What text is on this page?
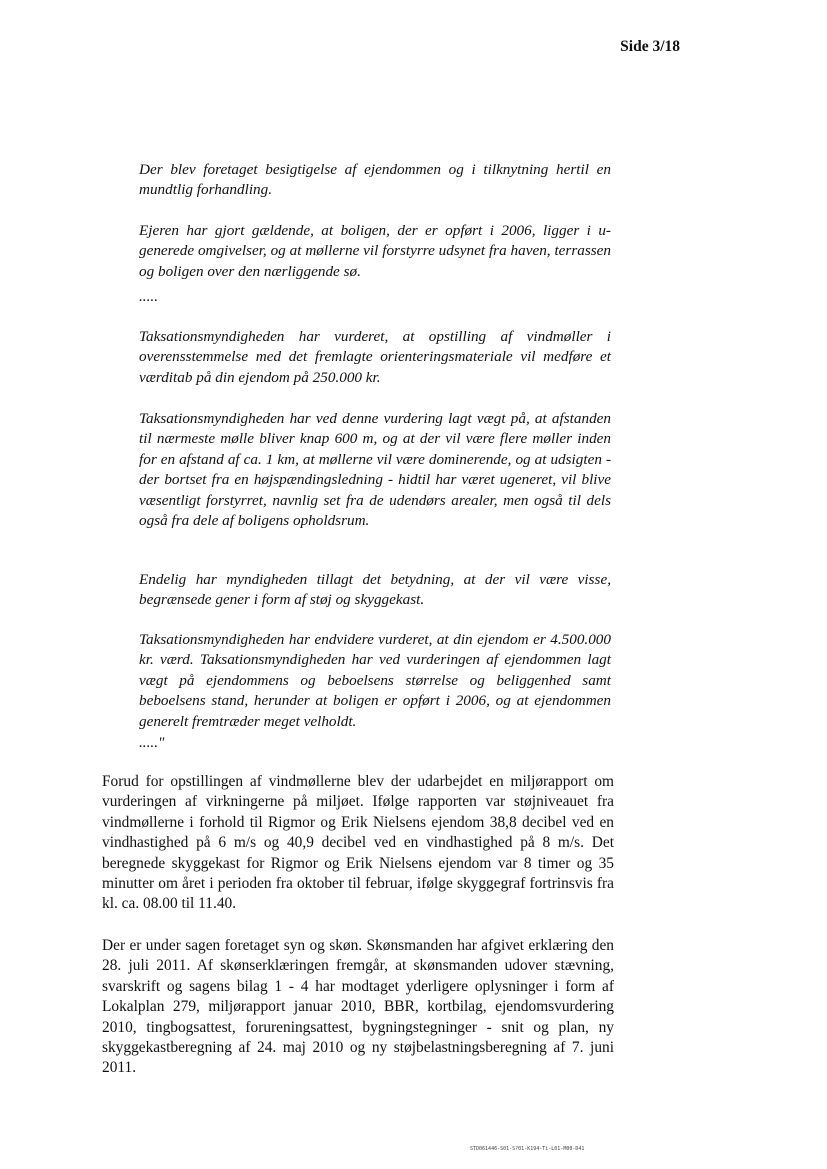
Side 3/18

Der blev foretaget besigtigelse af ejendommen og i tilknytning hertil en mundtlig forhandling.

Ejeren har gjort gældende, at boligen, der er opført i 2006, ligger i u-generede omgivelser, og at møllerne vil forstyrre udsynet fra haven, terrassen og boligen over den nærliggende sø.

.....

Taksationsmyndigheden har vurderet, at opstilling af vindmøller i overensstemmelse med det fremlagte orienteringsmateriale vil medføre et værditab på din ejendom på 250.000 kr.

Taksationsmyndigheden har ved denne vurdering lagt vægt på, at afstanden til nærmeste mølle bliver knap 600 m, og at der vil være flere møller inden for en afstand af ca. 1 km, at møllerne vil være dominerende, og at udsigten - der bortset fra en højspændingsledning - hidtil har været ugeneret, vil blive væsentligt forstyrret, navnlig set fra de udendørs arealer, men også til dels også fra dele af boligens opholdsrum.

Endelig har myndigheden tillagt det betydning, at der vil være visse, begrænsede gener i form af støj og skyggekast.

Taksationsmyndigheden har endvidere vurderet, at din ejendom er 4.500.000 kr. værd. Taksationsmyndigheden har ved vurderingen af ejendommen lagt vægt på ejendommens og beboelsens størrelse og beliggenhed samt beboelsens stand, herunder at boligen er opført i 2006, og at ejendommen generelt fremtræder meget velholdt.

....."

Forud for opstillingen af vindmøllerne blev der udarbejdet en miljørapport om vurderingen af virkningerne på miljøet. Ifølge rapporten var støjniveauet fra vindmøllerne i forhold til Rigmor og Erik Nielsens ejendom 38,8 decibel ved en vindhastighed på 6 m/s og 40,9 decibel ved en vindhastighed på 8 m/s. Det beregnede skyggekast for Rigmor og Erik Nielsens ejendom var 8 timer og 35 minutter om året i perioden fra oktober til februar, ifølge skyggegraf fortrinsvis fra kl. ca. 08.00 til 11.40.

Der er under sagen foretaget syn og skøn. Skønsmanden har afgivet erklæring den 28. juli 2011. Af skønserklæringen fremgår, at skønsmanden udover stævning, svarskrift og sagens bilag 1 - 4 har modtaget yderligere oplysninger i form af Lokalplan 279, miljørapport januar 2010, BBR, kortbilag, ejendomsvurdering 2010, tingbogsattest, forureningsattest, bygningstegninger - snit og plan, ny skyggekastberegning af 24. maj 2010 og ny støjbelastningsberegning af 7. juni 2011.

STD061446-S01-S?01-K194-Ti-L01-M00-D41
